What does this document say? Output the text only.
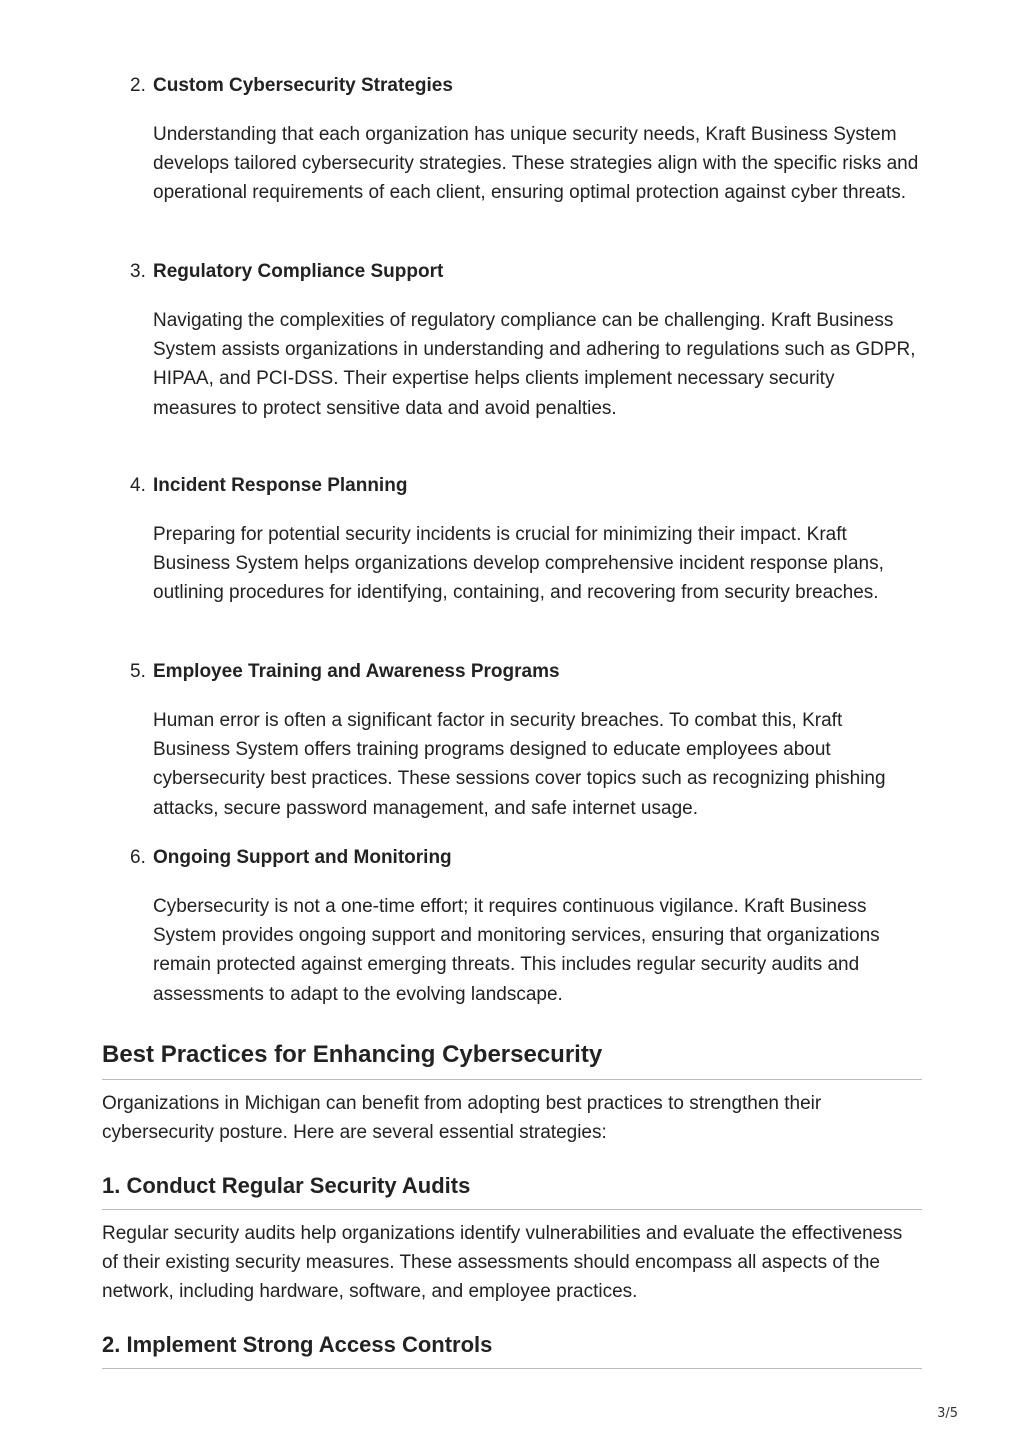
2. Custom Cybersecurity Strategies

Understanding that each organization has unique security needs, Kraft Business System develops tailored cybersecurity strategies. These strategies align with the specific risks and operational requirements of each client, ensuring optimal protection against cyber threats.

3. Regulatory Compliance Support

Navigating the complexities of regulatory compliance can be challenging. Kraft Business System assists organizations in understanding and adhering to regulations such as GDPR, HIPAA, and PCI-DSS. Their expertise helps clients implement necessary security measures to protect sensitive data and avoid penalties.

4. Incident Response Planning

Preparing for potential security incidents is crucial for minimizing their impact. Kraft Business System helps organizations develop comprehensive incident response plans, outlining procedures for identifying, containing, and recovering from security breaches.

5. Employee Training and Awareness Programs

Human error is often a significant factor in security breaches. To combat this, Kraft Business System offers training programs designed to educate employees about cybersecurity best practices. These sessions cover topics such as recognizing phishing attacks, secure password management, and safe internet usage.

6. Ongoing Support and Monitoring

Cybersecurity is not a one-time effort; it requires continuous vigilance. Kraft Business System provides ongoing support and monitoring services, ensuring that organizations remain protected against emerging threats. This includes regular security audits and assessments to adapt to the evolving landscape.

Best Practices for Enhancing Cybersecurity

Organizations in Michigan can benefit from adopting best practices to strengthen their cybersecurity posture. Here are several essential strategies:

1. Conduct Regular Security Audits

Regular security audits help organizations identify vulnerabilities and evaluate the effectiveness of their existing security measures. These assessments should encompass all aspects of the network, including hardware, software, and employee practices.

2. Implement Strong Access Controls
3/5
